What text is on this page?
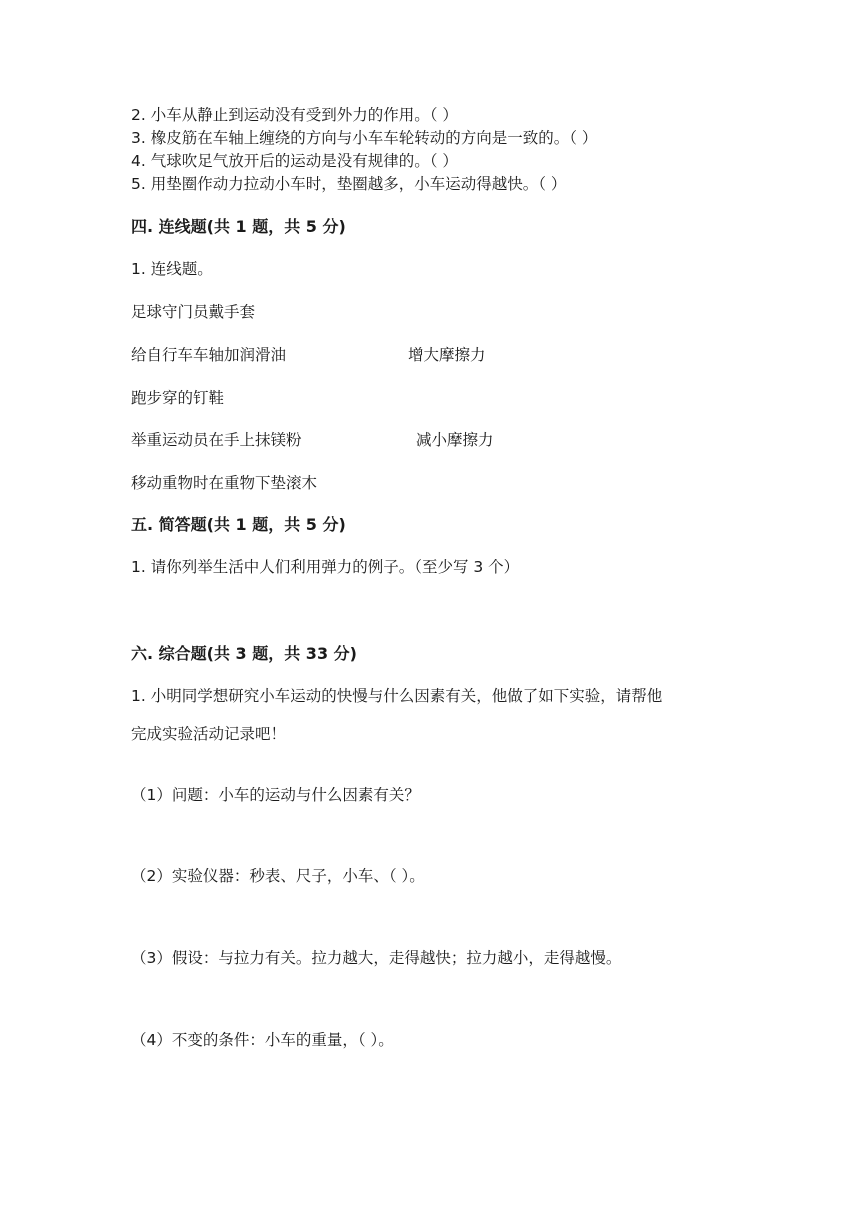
2. 小车从静止到运动没有受到外力的作用。（ ）
3. 橡皮筋在车轴上缠绕的方向与小车车轮转动的方向是一致的。（ ）
4. 气球吹足气放开后的运动是没有规律的。（ ）
5. 用垫圈作动力拉动小车时，垫圈越多，小车运动得越快。（ ）
四. 连线题(共 1 题，共 5 分)
1. 连线题。
足球守门员戴手套
给自行车车轴加润滑油	增大摩擦力
跑步穿的钉鞋
举重运动员在手上抹镁粉	减小摩擦力
移动重物时在重物下垫滚木
五. 简答题(共 1 题，共 5 分)
1. 请你列举生活中人们利用弹力的例子。（至少写 3 个）
六. 综合题(共 3 题，共 33 分)
1. 小明同学想研究小车运动的快慢与什么因素有关，他做了如下实验，请帮他
完成实验活动记录吧！
（1）问题：小车的运动与什么因素有关？
（2）实验仪器：秒表、尺子，小车、（ ）。
（3）假设：与拉力有关。拉力越大，走得越快；拉力越小，走得越慢。
（4）不变的条件：小车的重量，（ ）。
